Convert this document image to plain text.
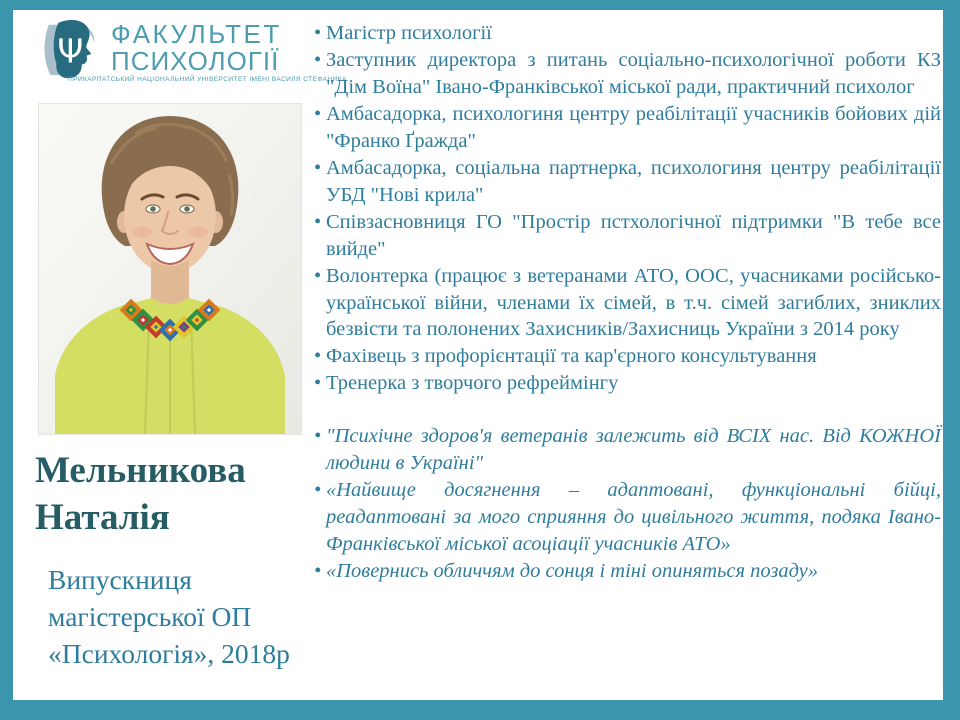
Ψ ФАКУЛЬТЕТ
ПСИХОЛОГІЇ
ПРИКАРПАТСЬКИЙ НАЦІОНАЛЬНИЙ УНІВЕРСИТЕТ ІМЕНІ ВАСИЛЯ СТЕФАНИКА
Мельникова Наталія

Випускниця магістерської ОП «Психологія», 2018р

• Магістр психології
• Заступник директора з питань соціально-психологічної роботи КЗ "Дім Воїна" Івано-Франківської міської ради, практичний психолог
• Амбасадорка, психологиня центру реабілітації учасників бойових дій "Франко Ґражда"
• Амбасадорка, соціальна партнерка, психологиня центру реабілітації УБД "Нові крила"
• Співзасновниця ГО "Простір пстхологічної підтримки "В тебе все вийде"
• Волонтерка (працює з ветеранами АТО, ООС, учасниками російсько-української війни, членами їх сімей, в т.ч. сімей загиблих, зниклих безвісти та полонених Захисників/Захисниць України з 2014 року
• Фахівець з профорієнтації та кар'єрного консультування
• Тренерка з творчого рефреймінгу
• "Психічне здоров'я ветеранів залежить від ВСІХ нас. Від КОЖНОЇ людини в Україні"
• «Найвище досягнення – адаптовані, функціональні бійці, реадаптовані за мого сприяння до цивільного життя, подяка Івано-Франківської міської асоціації учасників АТО»
• «Повернись обличчям до сонця і тіні опиняться позаду»
